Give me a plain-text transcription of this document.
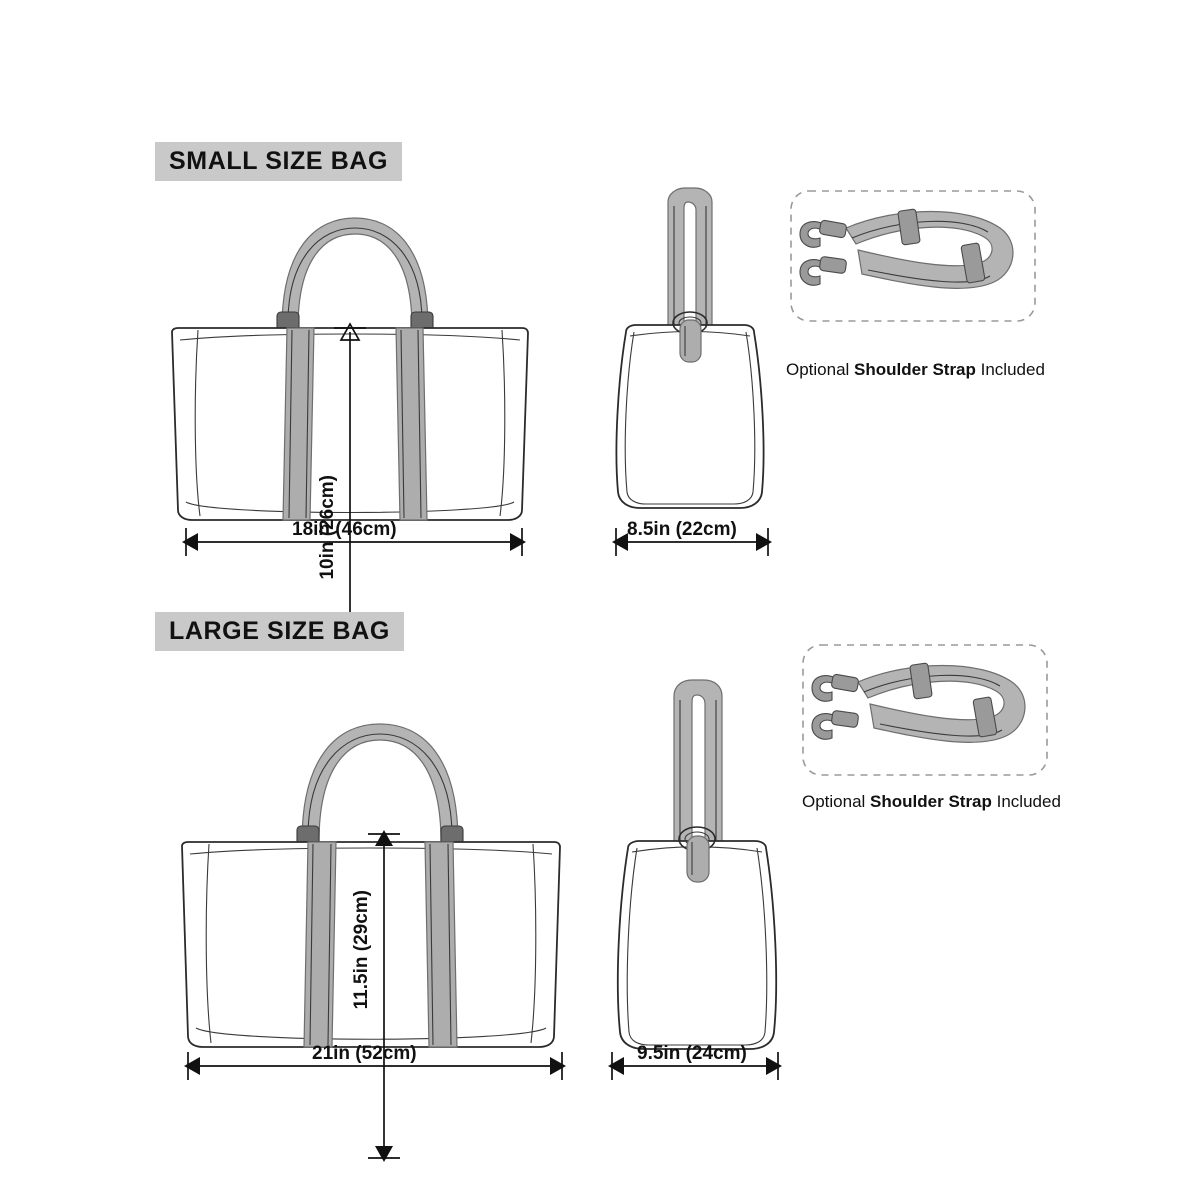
SMALL SIZE BAG
10in (26cm)
18in (46cm)	8.5in (22cm)
Optional Shoulder Strap Included
LARGE SIZE BAG
11.5in (29cm)
21in (52cm)	9.5in (24cm)
Optional Shoulder Strap Included
